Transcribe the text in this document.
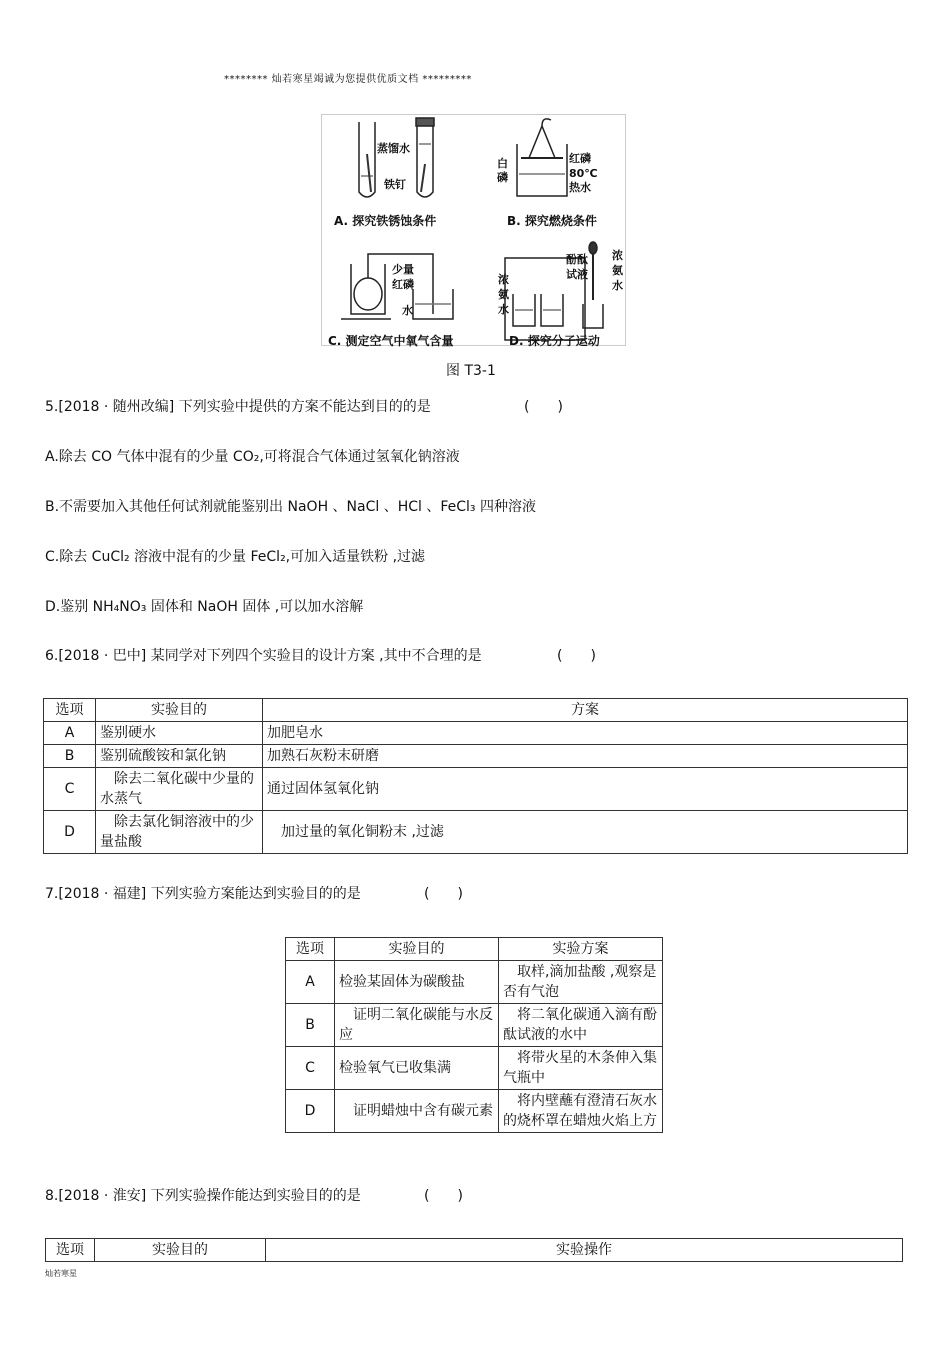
******** 灿若寒星竭诚为您提供优质文档 *********
A. 探究铁锈蚀条件	B. 探究燃烧条件
C. 测定空气中氧气含量	D. 探究分子运动
蒸馏水
铁钉
白磷
红磷
80℃热水
少量红磷
水
酚酞试液
浓氨水
浓氨水
图 T3-1
5.[2018 · 随州改编] 下列实验中提供的方案不能达到目的的是	(　　)
A.除去 CO 气体中混有的少量 CO₂,可将混合气体通过氢氧化钠溶液
B.不需要加入其他任何试剂就能鉴别出 NaOH 、NaCl 、HCl 、FeCl₃ 四种溶液
C.除去 CuCl₂ 溶液中混有的少量 FeCl₂,可加入适量铁粉 ,过滤
D.鉴别 NH₄NO₃ 固体和 NaOH 固体 ,可以加水溶解
6.[2018 · 巴中] 某同学对下列四个实验目的设计方案 ,其中不合理的是	(　　)
选项	实验目的	方案
A	鉴别硬水	加肥皂水
B	鉴别硫酸铵和氯化钠	加熟石灰粉末研磨
C	　除去二氧化碳中少量的水蒸气	通过固体氢氧化钠
D	　除去氯化铜溶液中的少量盐酸	　加过量的氧化铜粉末 ,过滤
7.[2018 · 福建] 下列实验方案能达到实验目的的是	(　　)
选项	实验目的	实验方案
A	检验某固体为碳酸盐	　取样,滴加盐酸 ,观察是否有气泡
B	　证明二氧化碳能与水反应	　将二氧化碳通入滴有酚酞试液的水中
C	检验氧气已收集满	　将带火星的木条伸入集气瓶中
D	　证明蜡烛中含有碳元素	　将内壁蘸有澄清石灰水的烧杯罩在蜡烛火焰上方
8.[2018 · 淮安] 下列实验操作能达到实验目的的是	(　　)
选项	实验目的	实验操作
灿若寒星
